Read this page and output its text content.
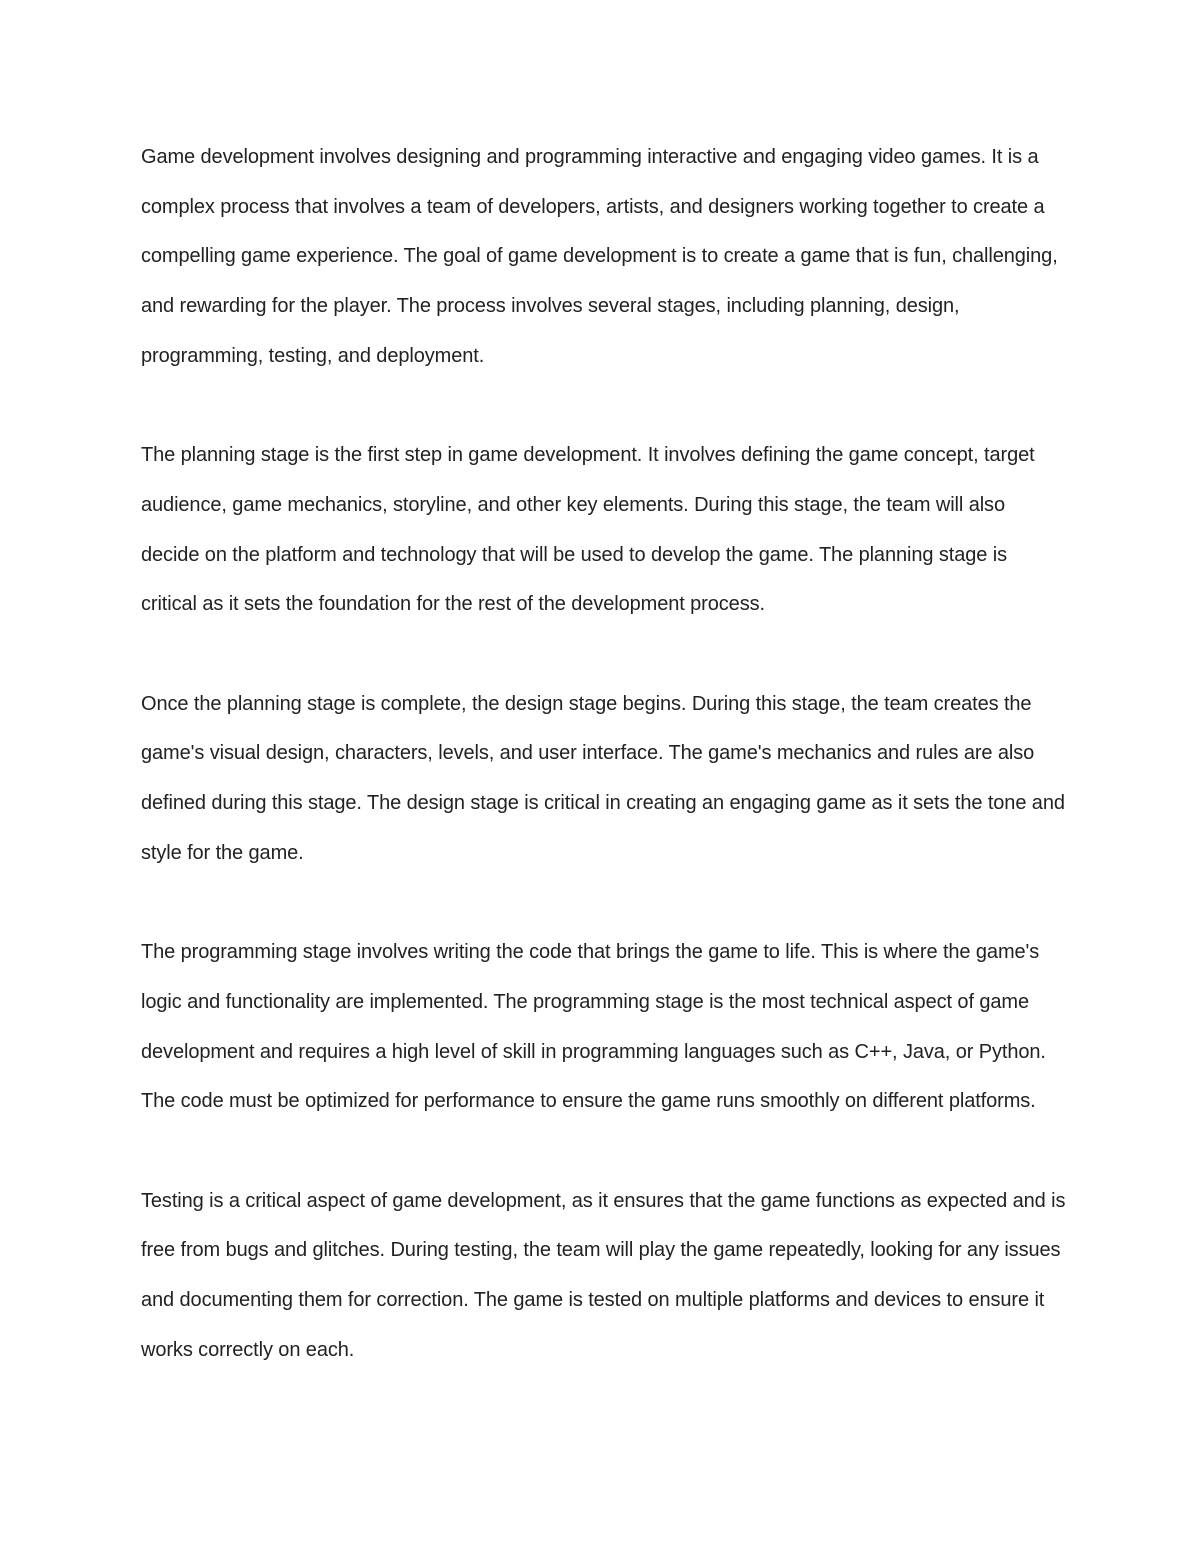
Game development involves designing and programming interactive and engaging video games. It is a complex process that involves a team of developers, artists, and designers working together to create a compelling game experience. The goal of game development is to create a game that is fun, challenging, and rewarding for the player. The process involves several stages, including planning, design, programming, testing, and deployment.

The planning stage is the first step in game development. It involves defining the game concept, target audience, game mechanics, storyline, and other key elements. During this stage, the team will also decide on the platform and technology that will be used to develop the game. The planning stage is critical as it sets the foundation for the rest of the development process.

Once the planning stage is complete, the design stage begins. During this stage, the team creates the game's visual design, characters, levels, and user interface. The game's mechanics and rules are also defined during this stage. The design stage is critical in creating an engaging game as it sets the tone and style for the game.

The programming stage involves writing the code that brings the game to life. This is where the game's logic and functionality are implemented. The programming stage is the most technical aspect of game development and requires a high level of skill in programming languages such as C++, Java, or Python. The code must be optimized for performance to ensure the game runs smoothly on different platforms.

Testing is a critical aspect of game development, as it ensures that the game functions as expected and is free from bugs and glitches. During testing, the team will play the game repeatedly, looking for any issues and documenting them for correction. The game is tested on multiple platforms and devices to ensure it works correctly on each.
